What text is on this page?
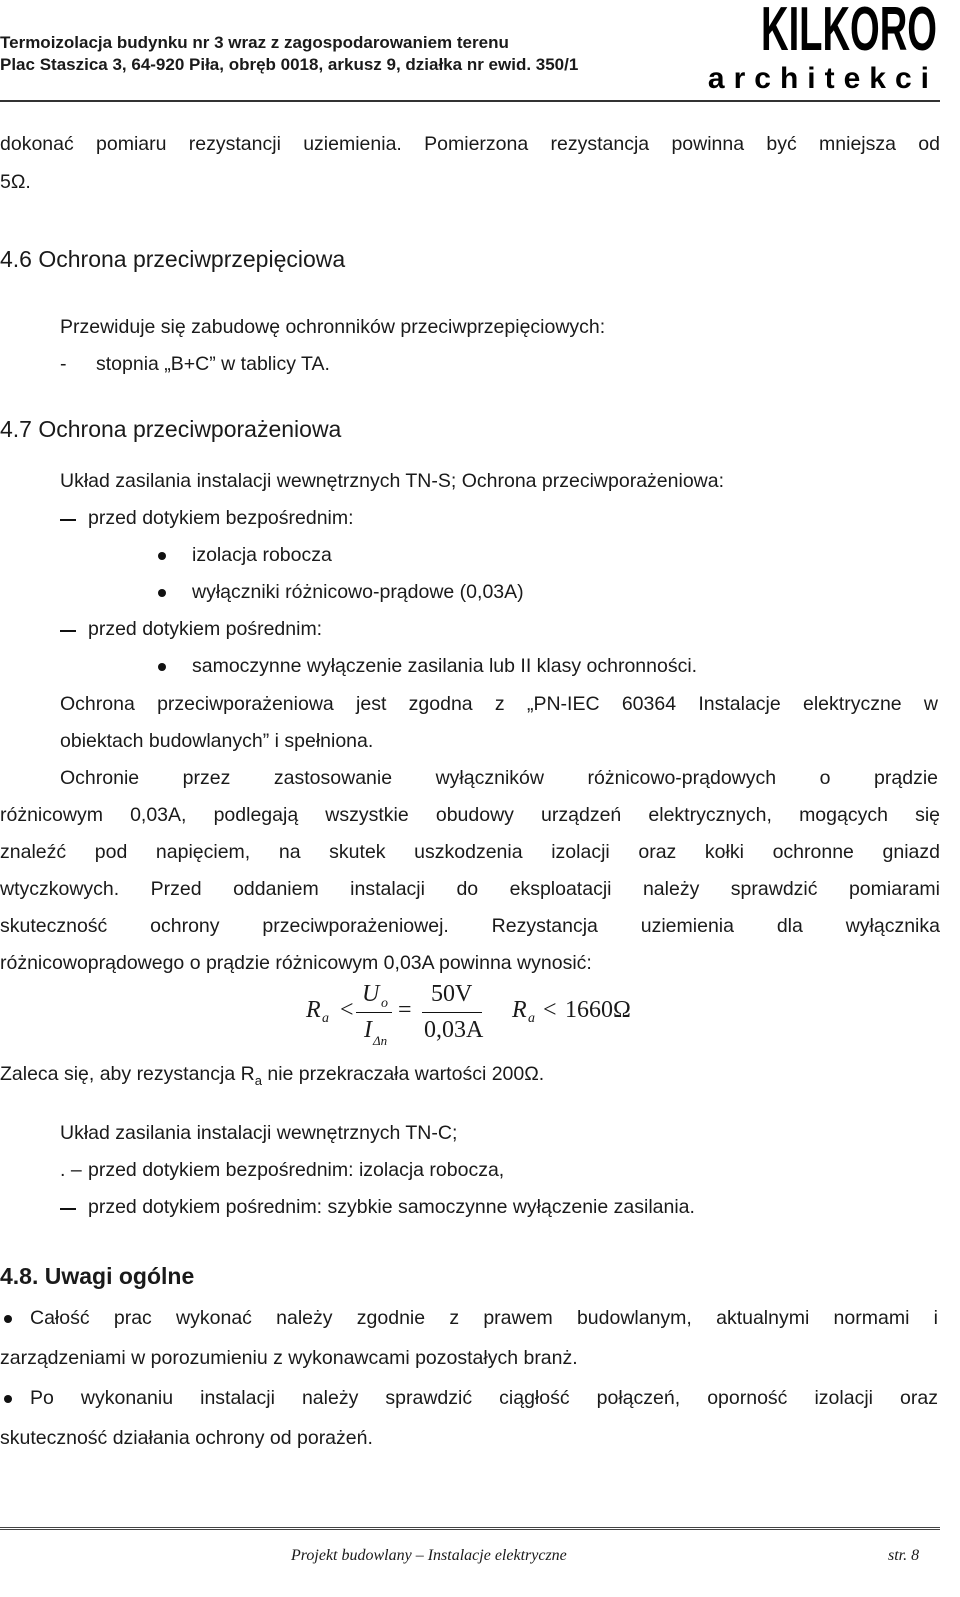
Termoizolacja budynku nr 3 wraz z zagospodarowaniem terenu
Plac Staszica 3, 64-920 Piła, obręb 0018, arkusz 9, działka nr ewid. 350/1
KILKORO
architekci
dokonać pomiaru rezystancji uziemienia. Pomierzona rezystancja powinna być mniejsza od
5Ω.
4.6 Ochrona przeciwprzepięciowa
Przewiduje się zabudowę ochronników przeciwprzepięciowych:
- stopnia „B+C” w tablicy TA.
4.7 Ochrona przeciwporażeniowa
Układ zasilania instalacji wewnętrznych TN-S; Ochrona przeciwporażeniowa:
przed dotykiem bezpośrednim:
izolacja robocza
wyłączniki różnicowo-prądowe (0,03A)
przed dotykiem pośrednim:
samoczynne wyłączenie zasilania lub II klasy ochronności.
Ochrona przeciwporażeniowa jest zgodna z „PN-IEC 60364 Instalacje elektryczne w
obiektach budowlanych” i spełniona.
Ochronie przez zastosowanie wyłączników różnicowo-prądowych o prądzie
różnicowym 0,03A, podlegają wszystkie obudowy urządzeń elektrycznych, mogących się
znaleźć pod napięciem, na skutek uszkodzenia izolacji oraz kołki ochronne gniazd
wtyczkowych. Przed oddaniem instalacji do eksploatacji należy sprawdzić pomiarami
skuteczność ochrony przeciwporażeniowej. Rezystancja uziemienia dla wyłącznika
różnicowoprądowego o prądzie różnicowym 0,03A powinna wynosić:
R a <
U o
I Δn
=
50V
0,03A
R a < 1660Ω
Zaleca się, aby rezystancja $R_a$ nie przekraczała wartości 200Ω.
Układ zasilania instalacji wewnętrznych TN-C;
. – przed dotykiem bezpośrednim: izolacja robocza,
przed dotykiem pośrednim: szybkie samoczynne wyłączenie zasilania.
4.8. Uwagi ogólne
Całość prac wykonać należy zgodnie z prawem budowlanym, aktualnymi normami i
zarządzeniami w porozumieniu z wykonawcami pozostałych branż.
Po wykonaniu instalacji należy sprawdzić ciągłość połączeń, oporność izolacji oraz
skuteczność działania ochrony od porażeń.
Projekt budowlany – Instalacje elektryczne	str. 8
